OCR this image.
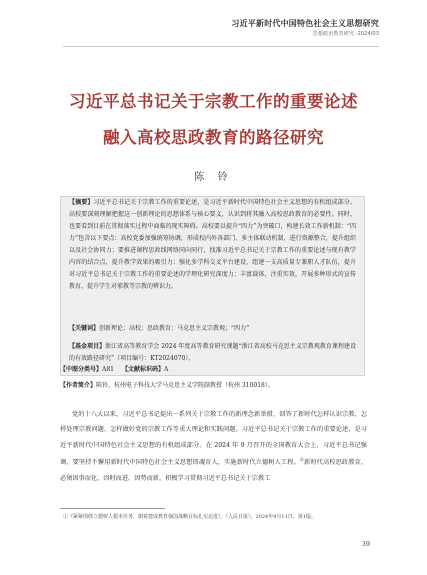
习近平新时代中国特色社会主义思想研究
思想政治教育研究 ·2024/03
习近平总书记关于宗教工作的重要论述
融入高校思政教育的路径研究
陈 铃
【摘要】习近平总书记关于宗教工作的重要论述，是习近平新时代中国特色社会主义思想的有机组成部分。高校要深刻理解把握这一创新理论的思想体系与核心要义，认识到将其融入高校思政教育的必要性。同时，也要看到目前在贯彻落实过程中面临的现实障碍。高校要以提升“四力”为突破口，构建长效工作新机制：“四力”包含以下要点：高校党委加强统筹协调，形成校内外各部门、多主体联动机制，进行资源整合，提升组织以及社会协同力；要推进课程思政线网络同向同行，找准习近平总书记关于宗教工作的重要论述与现有教学内容的结合点，提升教学效果的吸引力；强化多学科交叉平台建设，组建一支高质量专兼职人才队伍，提升对习近平总书记关于宗教工作的重要论述的学理化研究深度力；丰富载体，注重实效，开展多种形式的宣传教育，提升学生对邪教等宗教的辨识力。
【关键词】创新理论；高校；思政教育；马克思主义宗教观；“四力”
【基金项目】浙江省高等教育学会 2024 年度高等教育研究课题“浙江省高校马克思主义宗教观教育课程建设的有效路径研究”（项目编号：KT2024070）。
【中图分类号】A81 【文献标识码】A
【作者简介】陈铃，杭州电子科技大学马克思主义学院副教授（杭州 310018）。
党的十八大以来，习近平总书记提出一系列关于宗教工作的新理念新举措，回答了新时代怎样认识宗教、怎样处理宗教问题、怎样做好党的宗教工作等重大理论和实践问题。习近平总书记关于宗教工作的重要论述，是习近平新时代中国特色社会主义思想的有机组成部分。在 2024 年 9 月召开的全国教育大会上，习近平总书记强调，要坚持不懈用新时代中国特色社会主义思想铸魂育人，实施新时代立德树人工程。①新时代高校思政教育，必须因事而化、因时而进、因势而新，积极学习贯彻习近平总书记关于宗教工
①《紧紧围绕立德树人根本任务，朝着建成教育强国战略目标扎实迈进》，《人民日报》，2024年9月11日，第1版。
39
